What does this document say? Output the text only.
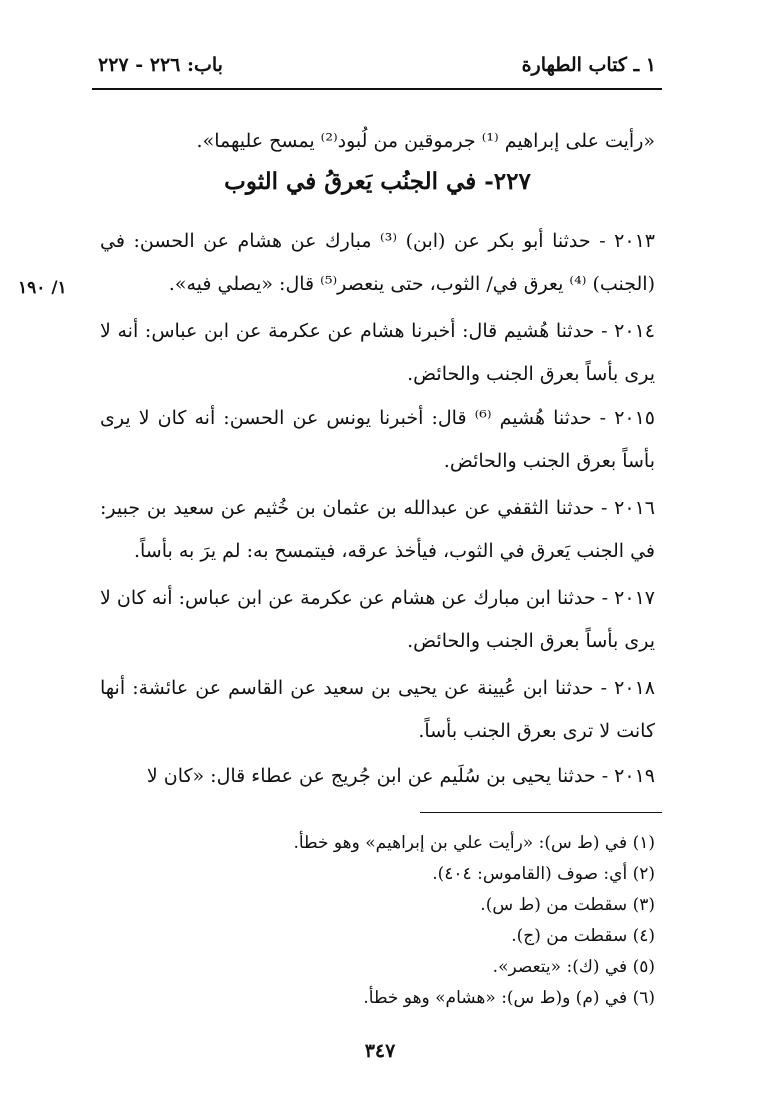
باب: ٢٢٦ - ٢٢٧	١ ـ كتاب الطهارة
١/ ١٩٠
«رأيت على إبراهيم ⁽¹⁾ جرموقين من لُبود⁽²⁾ يمسح عليهما».
٢٢٧- في الجنُب يَعرقُ في الثوب
٢٠١٣ - حدثنا أبو بكر عن (ابن) ⁽³⁾ مبارك عن هشام عن الحسن: في (الجنب) ⁽⁴⁾ يعرق في/ الثوب، حتى ينعصر⁽⁵⁾ قال: «يصلي فيه».
٢٠١٤ - حدثنا هُشيم قال: أخبرنا هشام عن عكرمة عن ابن عباس: أنه لا يرى بأساً بعرق الجنب والحائض.
٢٠١٥ - حدثنا هُشيم ⁽⁶⁾ قال: أخبرنا يونس عن الحسن: أنه كان لا يرى بأساً بعرق الجنب والحائض.
٢٠١٦ - حدثنا الثقفي عن عبدالله بن عثمان بن خُثيم عن سعيد بن جبير: في الجنب يَعرق في الثوب، فيأخذ عرقه، فيتمسح به: لم يرَ به بأساً.
٢٠١٧ - حدثنا ابن مبارك عن هشام عن عكرمة عن ابن عباس: أنه كان لا يرى بأساً بعرق الجنب والحائض.
٢٠١٨ - حدثنا ابن عُيينة عن يحيى بن سعيد عن القاسم عن عائشة: أنها كانت لا ترى بعرق الجنب بأساً.
٢٠١٩ - حدثنا يحيى بن سُلَيم عن ابن جُريج عن عطاء قال: «كان لا
(١) في (ط س): «رأيت علي بن إبراهيم» وهو خطأ.
(٢) أي: صوف (القاموس: ٤٠٤).
(٣) سقطت من (ط س).
(٤) سقطت من (ج).
(٥) في (ك): «يتعصر».
(٦) في (م) و(ط س): «هشام» وهو خطأ.
٣٤٧
